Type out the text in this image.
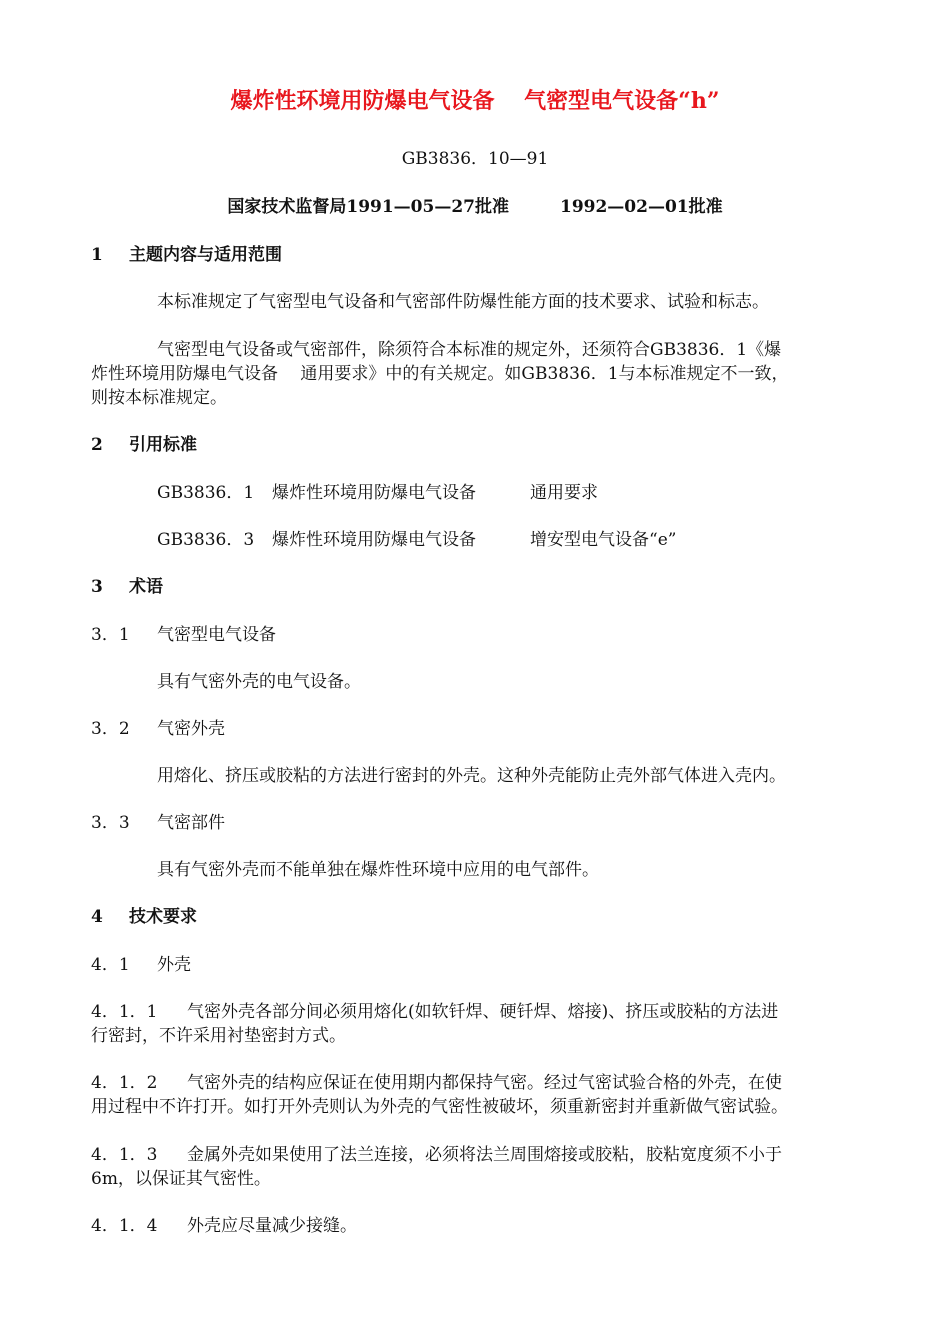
爆炸性环境用防爆电气设备　 气密型电气设备“h”
GB3836．10—91
国家技术监督局1991—05—27批准　　　1992—02—01批准
1 主题内容与适用范围
本标准规定了气密型电气设备和气密部件防爆性能方面的技术要求、试验和标志。
气密型电气设备或气密部件，除须符合本标准的规定外，还须符合GB3836．1《爆
炸性环境用防爆电气设备　 通用要求》中的有关规定。如GB3836．1与本标准规定不一致，
则按本标准规定。
2 引用标准
GB3836．1 爆炸性环境用防爆电气设备	通用要求
GB3836．3 爆炸性环境用防爆电气设备	增安型电气设备“e”
3 术语
3．1 气密型电气设备
具有气密外壳的电气设备。
3．2 气密外壳
用熔化、挤压或胶粘的方法进行密封的外壳。这种外壳能防止壳外部气体进入壳内。
3．3 气密部件
具有气密外壳而不能单独在爆炸性环境中应用的电气部件。
4 技术要求
4．1 外壳
4．1．1 气密外壳各部分间必须用熔化(如软钎焊、硬钎焊、熔接)、挤压或胶粘的方法进
行密封，不许采用衬垫密封方式。
4．1．2 气密外壳的结构应保证在使用期内都保持气密。经过气密试验合格的外壳，在使
用过程中不许打开。如打开外壳则认为外壳的气密性被破坏，须重新密封并重新做气密试验。
4．1．3 金属外壳如果使用了法兰连接，必须将法兰周围熔接或胶粘，胶粘宽度须不小于
6m，以保证其气密性。
4．1．4 外壳应尽量减少接缝。
